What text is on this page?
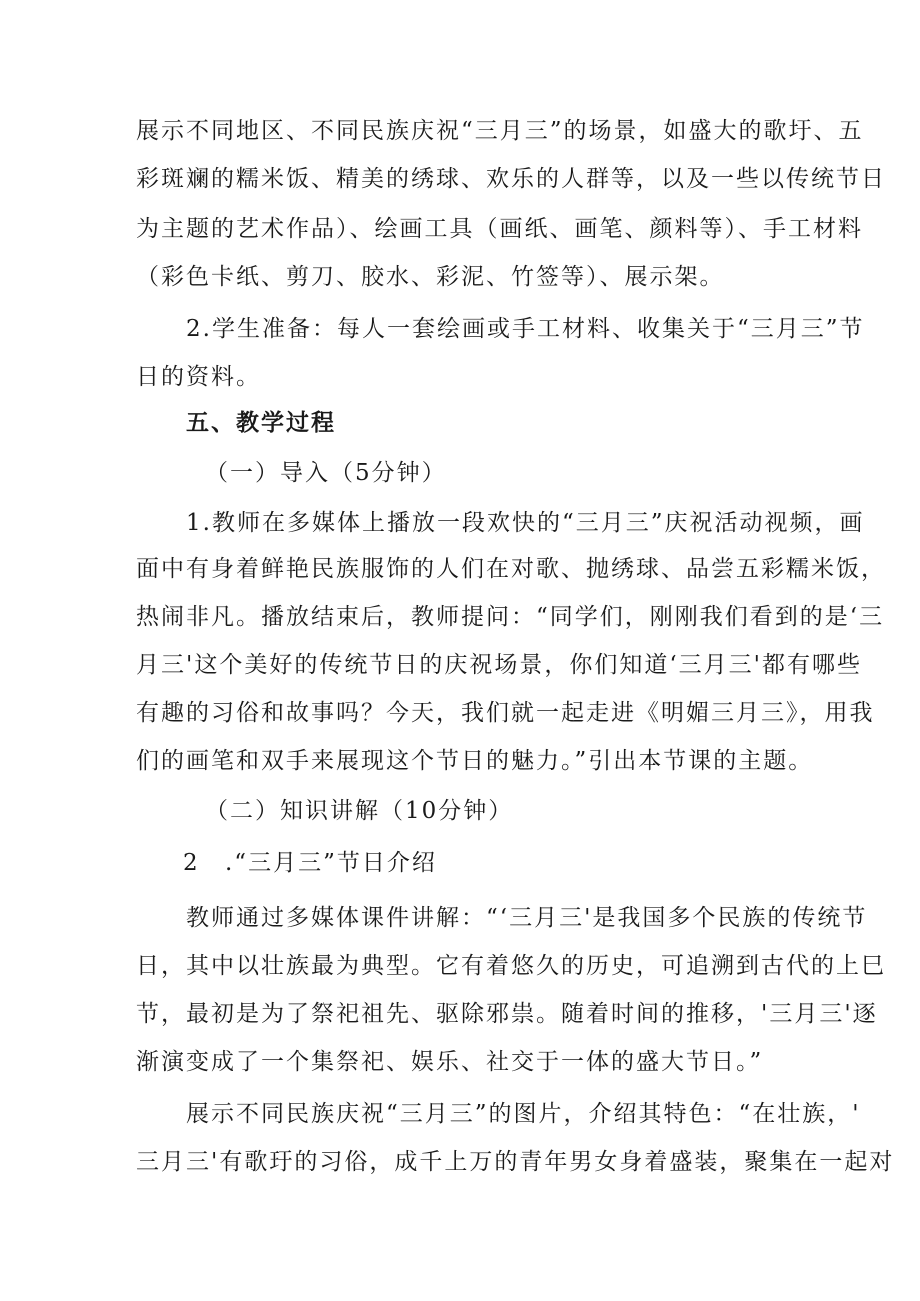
展示不同地区、不同民族庆祝“三月三”的场景，如盛大的歌圩、五
彩斑斓的糯米饭、精美的绣球、欢乐的人群等，以及一些以传统节日
为主题的艺术作品）、绘画工具（画纸、画笔、颜料等）、手工材料
（彩色卡纸、剪刀、胶水、彩泥、竹签等）、展示架。
2.学生准备：每人一套绘画或手工材料、收集关于“三月三”节
日的资料。
五、教学过程
（一）导入（5分钟）
1.教师在多媒体上播放一段欢快的“三月三”庆祝活动视频，画
面中有身着鲜艳民族服饰的人们在对歌、抛绣球、品尝五彩糯米饭，
热闹非凡。播放结束后，教师提问：“同学们，刚刚我们看到的是‘三
月三'这个美好的传统节日的庆祝场景，你们知道‘三月三'都有哪些
有趣的习俗和故事吗？今天，我们就一起走进《明媚三月三》，用我
们的画笔和双手来展现这个节日的魅力。”引出本节课的主题。
（二）知识讲解（10分钟）
2 .“三月三”节日介绍
教师通过多媒体课件讲解：“‘三月三'是我国多个民族的传统节
日，其中以壮族最为典型。它有着悠久的历史，可追溯到古代的上巳
节，最初是为了祭祀祖先、驱除邪祟。随着时间的推移，'三月三'逐
渐演变成了一个集祭祀、娱乐、社交于一体的盛大节日。”
展示不同民族庆祝“三月三”的图片，介绍其特色：“在壮族，'
三月三'有歌玗的习俗，成千上万的青年男女身着盛装，聚集在一起对
